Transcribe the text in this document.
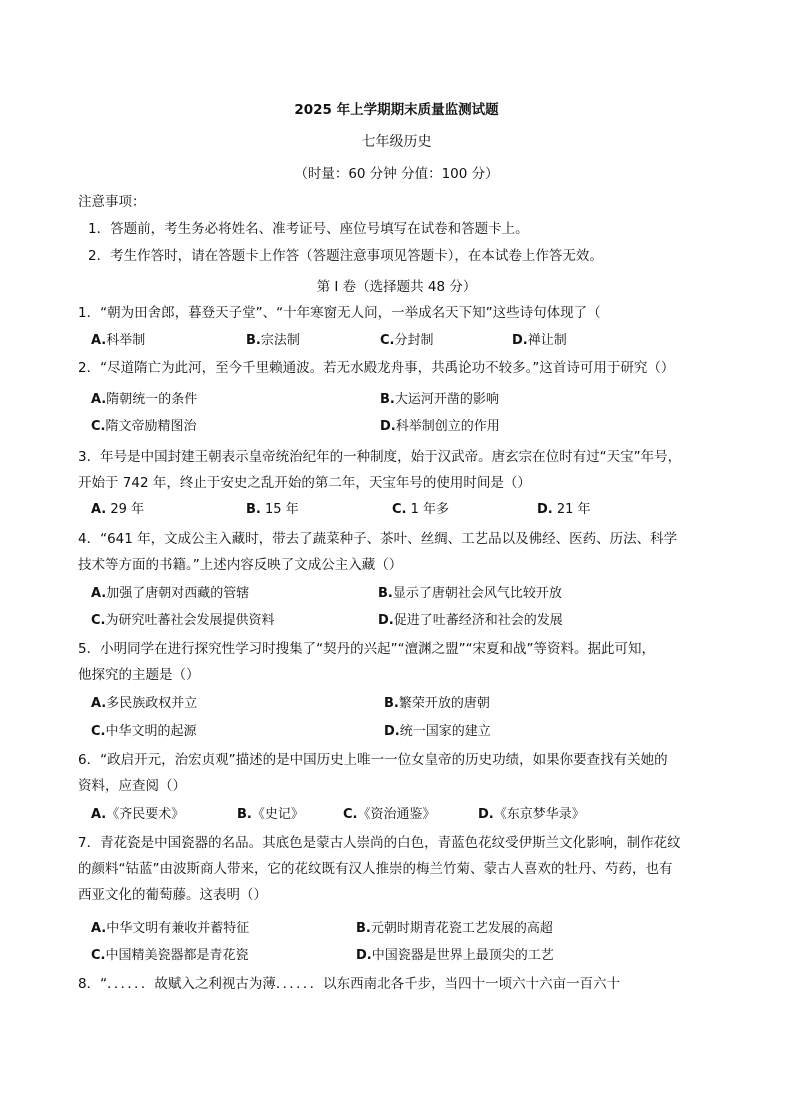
2025 年上学期期末质量监测试题
七年级历史
（时量：60 分钟 分值：100 分）
注意事项：
1．答题前，考生务必将姓名、准考证号、座位号填写在试卷和答题卡上。
2．考生作答时，请在答题卡上作答（答题注意事项见答题卡），在本试卷上作答无效。
第 I 卷（选择题共 48 分）
1．“朝为田舍郎，暮登天子堂”、“十年寒窗无人问，一举成名天下知”这些诗句体现了（
A.科举制	B.宗法制	C.分封制	D.禅让制
2．“尽道隋亡为此河，至今千里赖通波。若无水殿龙舟事，共禹论功不较多。”这首诗可用于研究（）
A.隋朝统一的条件	B.大运河开凿的影响
C.隋文帝励精图治	D.科举制创立的作用
3．年号是中国封建王朝表示皇帝统治纪年的一种制度，始于汉武帝。唐玄宗在位时有过“天宝”年号，
开始于 742 年，终止于安史之乱开始的第二年，天宝年号的使用时间是（）
A. 29 年	B. 15 年	C. 1 年多	D. 21 年
4．“641 年，文成公主入藏时，带去了蔬菜种子、茶叶、丝绸、工艺品以及佛经、医药、历法、科学
技术等方面的书籍。”上述内容反映了文成公主入藏（）
A.加强了唐朝对西藏的管辖	B.显示了唐朝社会风气比较开放
C.为研究吐蕃社会发展提供资料	D.促进了吐蕃经济和社会的发展
5．小明同学在进行探究性学习时搜集了“契丹的兴起”“澶渊之盟”“宋夏和战”等资料。据此可知，
他探究的主题是（）
A.多民族政权并立	B.繁荣开放的唐朝
C.中华文明的起源	D.统一国家的建立
6．“政启开元，治宏贞观”描述的是中国历史上唯一一位女皇帝的历史功绩，如果你要查找有关她的
资料，应查阅（）
A.《齐民要术》	B.《史记》	C.《资治通鉴》	D.《东京梦华录》
7．青花瓷是中国瓷器的名品。其底色是蒙古人崇尚的白色，青蓝色花纹受伊斯兰文化影响，制作花纹
的颜料“钴蓝”由波斯商人带来，它的花纹既有汉人推崇的梅兰竹菊、蒙古人喜欢的牡丹、芍药，也有
西亚文化的葡萄藤。这表明（）
A.中华文明有兼收并蓄特征	B.元朝时期青花瓷工艺发展的高超
C.中国精美瓷器都是青花瓷	D.中国瓷器是世界上最顶尖的工艺
8．“．．．．．．故赋入之利视古为薄．．．．．．以东西南北各千步，当四十一顷六十六亩一百六十
